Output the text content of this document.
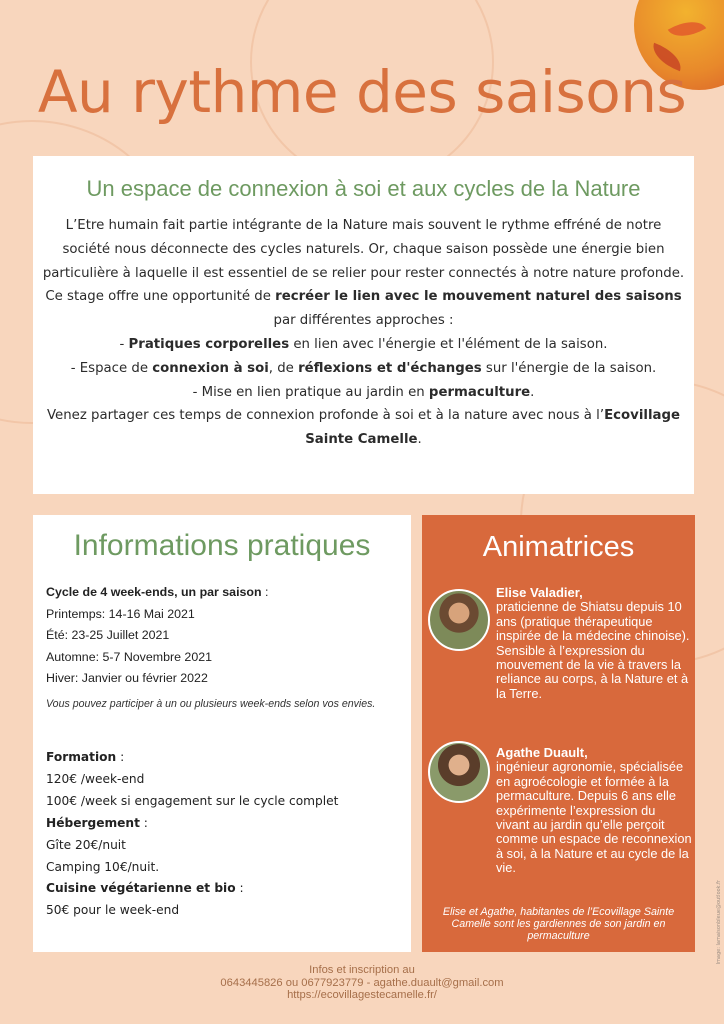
Au rythme des saisons
Un espace de connexion à soi et aux cycles de la Nature

L’Etre humain fait partie intégrante de la Nature mais souvent le rythme effréné de notre société nous déconnecte des cycles naturels. Or, chaque saison possède une énergie bien particulière à laquelle il est essentiel de se relier pour rester connectés à notre nature profonde.

Ce stage offre une opportunité de recréer le lien avec le mouvement naturel des saisons par différentes approches :

- Pratiques corporelles en lien avec l'énergie et l'élément de la saison.

- Espace de connexion à soi, de réflexions et d'échanges sur l'énergie de la saison.

- Mise en lien pratique au jardin en permaculture.

Venez partager ces temps de connexion profonde à soi et à la nature avec nous à l’Ecovillage Sainte Camelle.

Informations pratiques
Cycle de 4 week-ends, un par saison :
Printemps: 14-16 Mai 2021
Été: 23-25 Juillet 2021
Automne: 5-7 Novembre 2021
Hiver: Janvier ou février 2022
Vous pouvez participer à un ou plusieurs week-ends selon vos envies.
Formation :
120€ /week-end
100€ /week si engagement sur le cycle complet
Hébergement :
Gîte 20€/nuit
Camping 10€/nuit.
Cuisine végétarienne et bio :
50€ pour le week-end
Animatrices
Elise Valadier,
praticienne de Shiatsu depuis 10 ans (pratique thérapeutique inspirée de la médecine chinoise). Sensible à l’expression du mouvement de la vie à travers la reliance au corps, à la Nature et à la Terre.
Agathe Duault,
ingénieur agronomie, spécialisée en agroécologie et formée à la permaculture. Depuis 6 ans elle expérimente l’expression du vivant au jardin qu’elle perçoit comme un espace de reconnexion à soi, à la Nature et au cycle de la vie.
Elise et Agathe, habitantes de l’Ecovillage Sainte Camelle sont les gardiennes de son jardin en permaculture
Infos et inscription au
0643445826 ou 0677923779 - agathe.duault@gmail.com
https://ecovillagestecamelle.fr/
Image: lamaisonbleue@outlook.fr
